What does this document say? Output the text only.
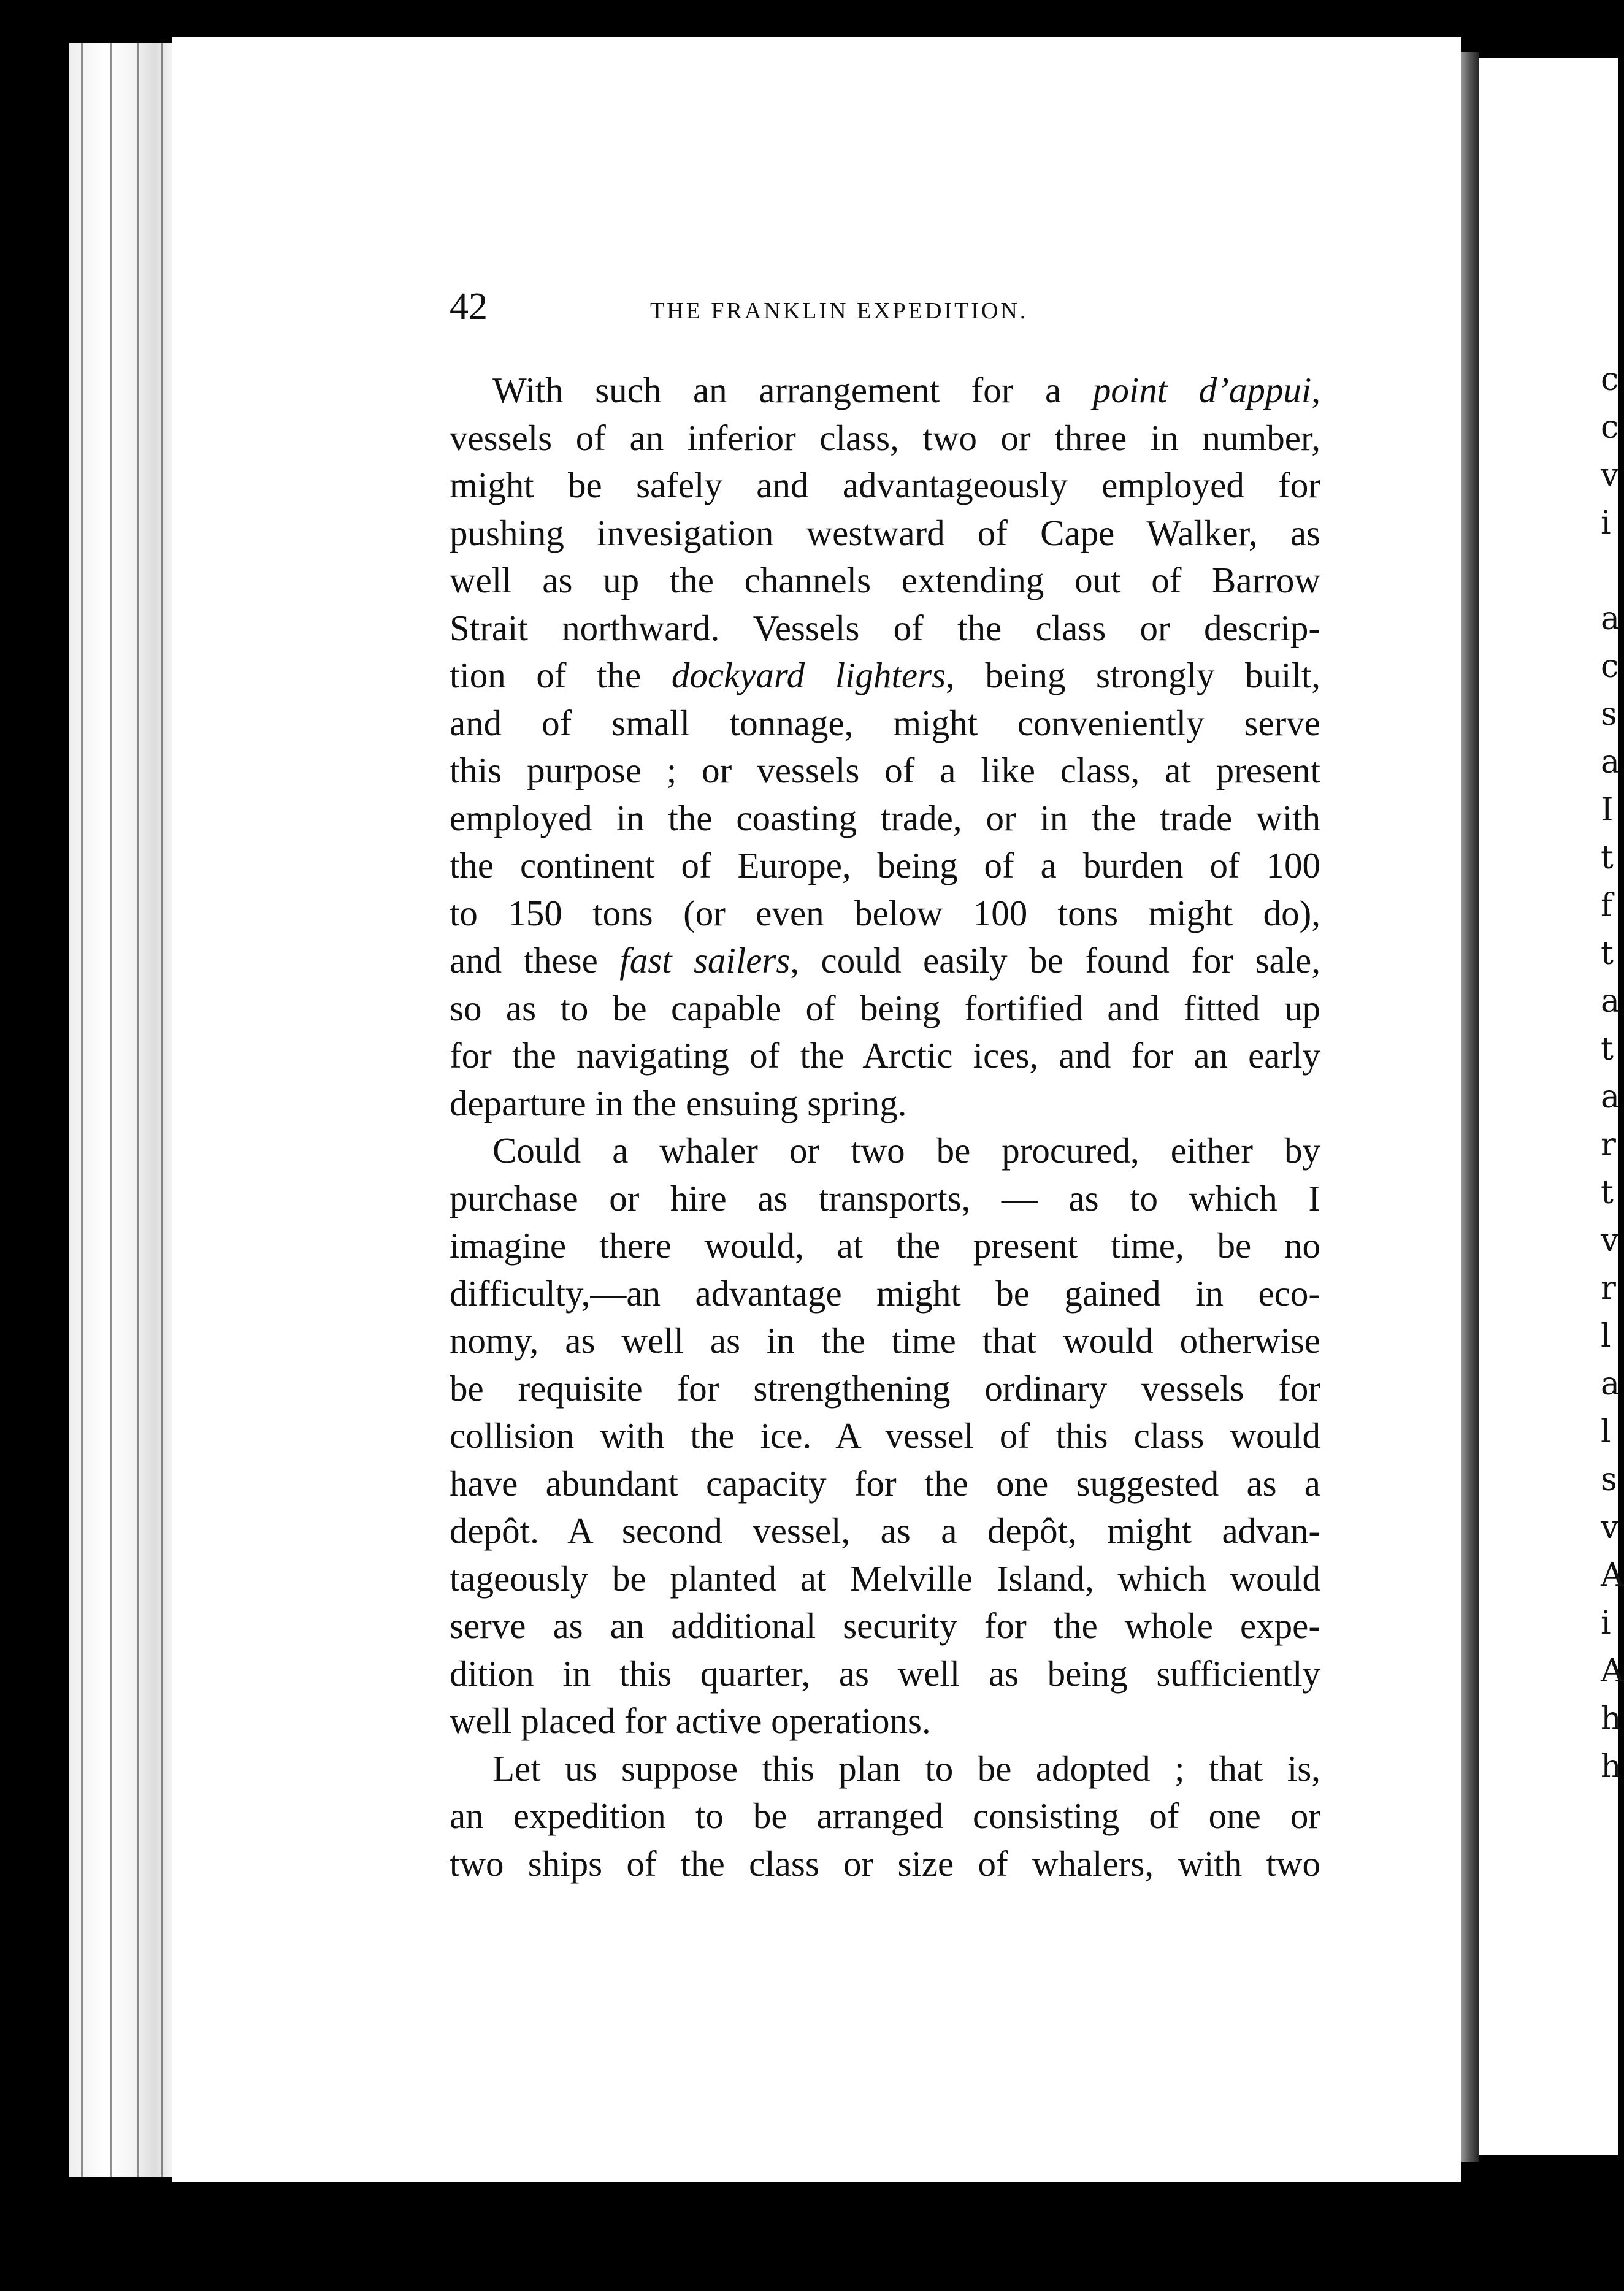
c
c
v
i
a
c
s
a
I
t
f
t
a
t
a
r
t
v
r
l
a
l
s
v
A
i
A
h
h
42	THE FRANKLIN EXPEDITION.

With such an arrangement for a point d’appui,
vessels of an inferior class, two or three in number,
might be safely and advantageously employed for
pushing invesigation westward of Cape Walker, as
well as up the channels extending out of Barrow
Strait northward. Vessels of the class or descrip-
tion of the dockyard lighters, being strongly built,
and of small tonnage, might conveniently serve
this purpose ; or vessels of a like class, at present
employed in the coasting trade, or in the trade with
the continent of Europe, being of a burden of 100
to 150 tons (or even below 100 tons might do),
and these fast sailers, could easily be found for sale,
so as to be capable of being fortified and fitted up
for the navigating of the Arctic ices, and for an early
departure in the ensuing spring.

Could a whaler or two be procured, either by
purchase or hire as transports, — as to which I
imagine there would, at the present time, be no
difficulty,—an advantage might be gained in eco-
nomy, as well as in the time that would otherwise
be requisite for strengthening ordinary vessels for
collision with the ice. A vessel of this class would
have abundant capacity for the one suggested as a
depôt. A second vessel, as a depôt, might advan-
tageously be planted at Melville Island, which would
serve as an additional security for the whole expe-
dition in this quarter, as well as being sufficiently
well placed for active operations.

Let us suppose this plan to be adopted ; that is,
an expedition to be arranged consisting of one or
two ships of the class or size of whalers, with two
